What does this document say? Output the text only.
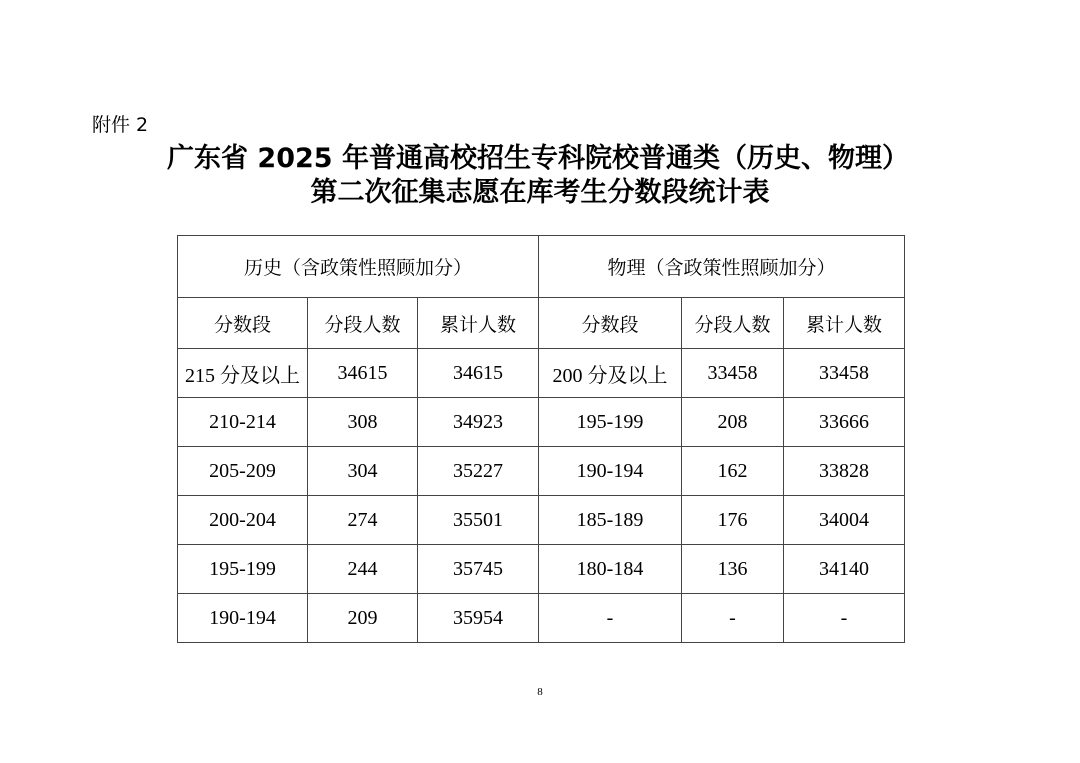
附件 2
广东省 2025 年普通高校招生专科院校普通类（历史、物理）
第二次征集志愿在库考生分数段统计表
历史（含政策性照顾加分）			物理（含政策性照顾加分）		
分数段	分段人数	累计人数	分数段	分段人数	累计人数
215 分及以上	34615	34615	200 分及以上	33458	33458
210-214	308	34923	195-199	208	33666
205-209	304	35227	190-194	162	33828
200-204	274	35501	185-189	176	34004
195-199	244	35745	180-184	136	34140
190-194	209	35954	-	-	-
8
